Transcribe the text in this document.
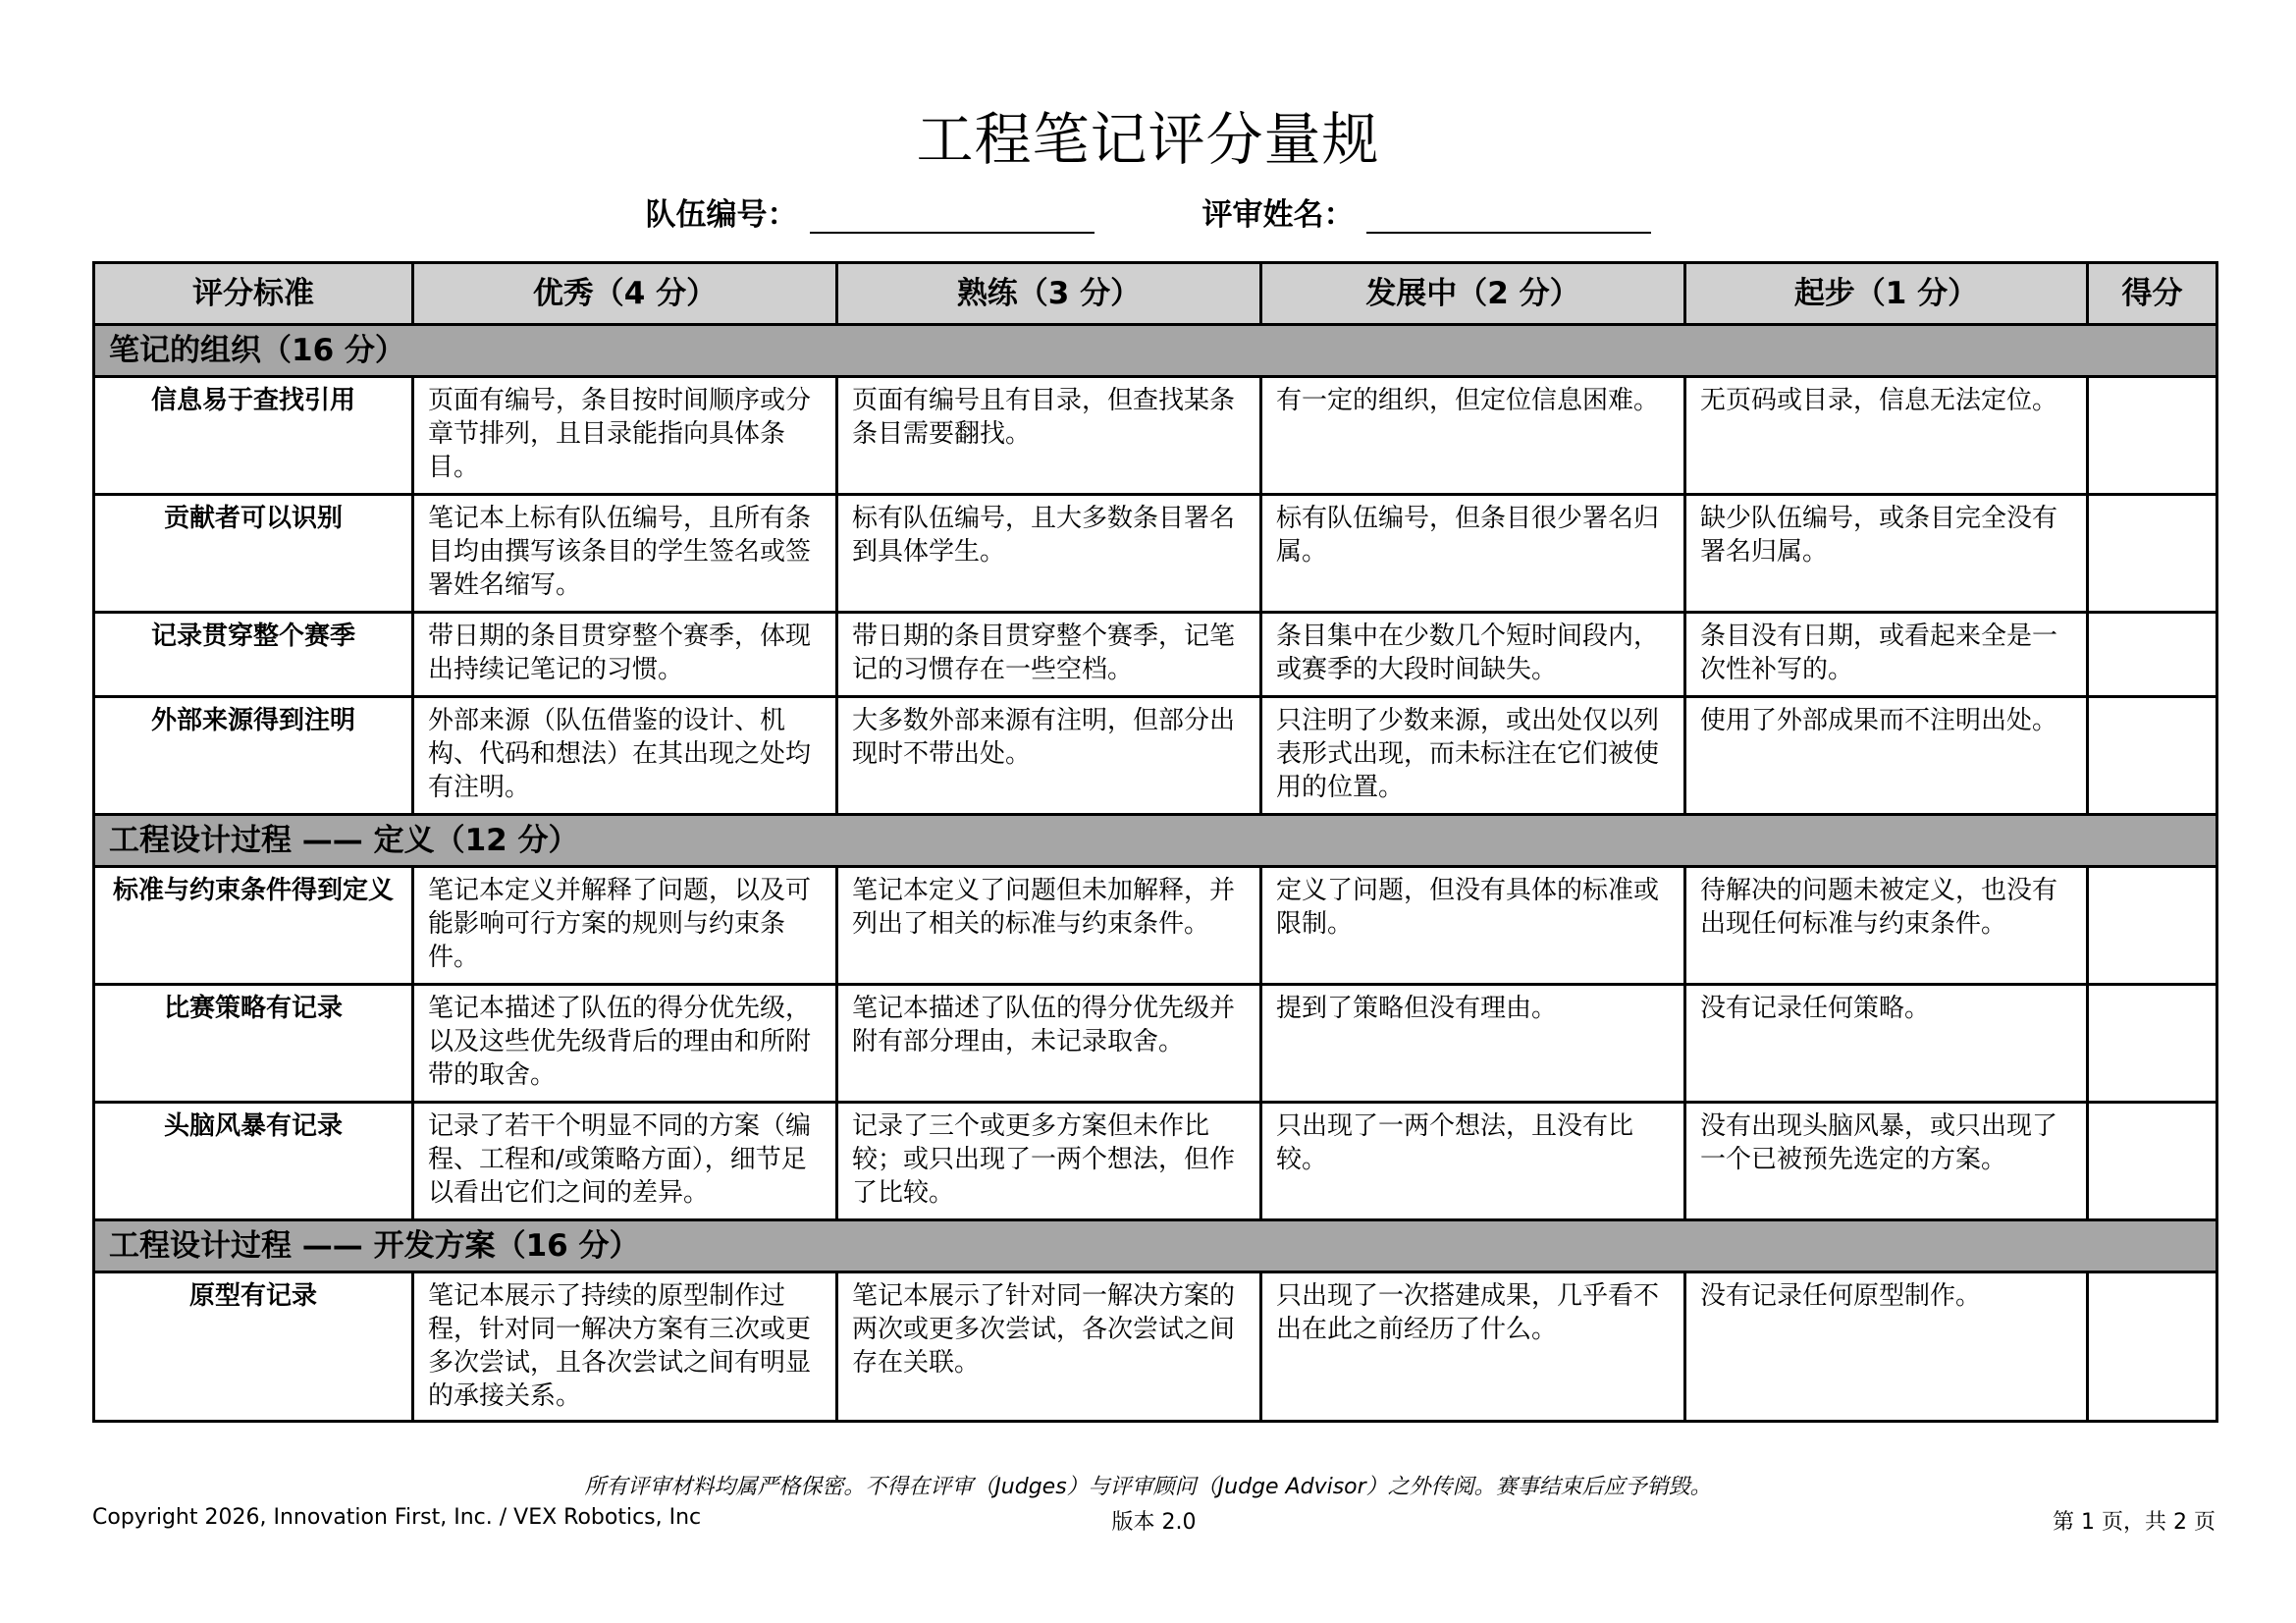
工程笔记评分量规
队伍编号：	评审姓名：
评分标准	优秀（4 分）	熟练（3 分）	发展中（2 分）	起步（1 分）	得分
笔记的组织（16 分）					
信息易于查找引用	页面有编号，条目按时间顺序或分章节排列，且目录能指向具体条目。	页面有编号且有目录，但查找某条条目需要翻找。	有一定的组织，但定位信息困难。	无页码或目录，信息无法定位。	
贡献者可以识别	笔记本上标有队伍编号，且所有条目均由撰写该条目的学生签名或签署姓名缩写。	标有队伍编号，且大多数条目署名到具体学生。	标有队伍编号，但条目很少署名归属。	缺少队伍编号，或条目完全没有署名归属。	
记录贯穿整个赛季	带日期的条目贯穿整个赛季，体现出持续记笔记的习惯。	带日期的条目贯穿整个赛季，记笔记的习惯存在一些空档。	条目集中在少数几个短时间段内，或赛季的大段时间缺失。	条目没有日期，或看起来全是一次性补写的。	
外部来源得到注明	外部来源（队伍借鉴的设计、机构、代码和想法）在其出现之处均有注明。	大多数外部来源有注明，但部分出现时不带出处。	只注明了少数来源，或出处仅以列表形式出现，而未标注在它们被使用的位置。	使用了外部成果而不注明出处。	
工程设计过程 —— 定义（12 分）					
标准与约束条件得到定义	笔记本定义并解释了问题，以及可能影响可行方案的规则与约束条件。	笔记本定义了问题但未加解释，并列出了相关的标准与约束条件。	定义了问题，但没有具体的标准或限制。	待解决的问题未被定义，也没有出现任何标准与约束条件。	
比赛策略有记录	笔记本描述了队伍的得分优先级，以及这些优先级背后的理由和所附带的取舍。	笔记本描述了队伍的得分优先级并附有部分理由，未记录取舍。	提到了策略但没有理由。	没有记录任何策略。	
头脑风暴有记录	记录了若干个明显不同的方案（编程、工程和/或策略方面），细节足以看出它们之间的差异。	记录了三个或更多方案但未作比较；或只出现了一两个想法，但作了比较。	只出现了一两个想法，且没有比较。	没有出现头脑风暴，或只出现了一个已被预先选定的方案。	
工程设计过程 —— 开发方案（16 分）					
原型有记录	笔记本展示了持续的原型制作过程，针对同一解决方案有三次或更多次尝试，且各次尝试之间有明显的承接关系。	笔记本展示了针对同一解决方案的两次或更多次尝试，各次尝试之间存在关联。	只出现了一次搭建成果，几乎看不出在此之前经历了什么。	没有记录任何原型制作。	
所有评审材料均属严格保密。不得在评审（Judges）与评审顾问（Judge Advisor）之外传阅。赛事结束后应予销毁。
Copyright 2026, Innovation First, Inc. / VEX Robotics, Inc	版本 2.0	第 1 页，共 2 页
